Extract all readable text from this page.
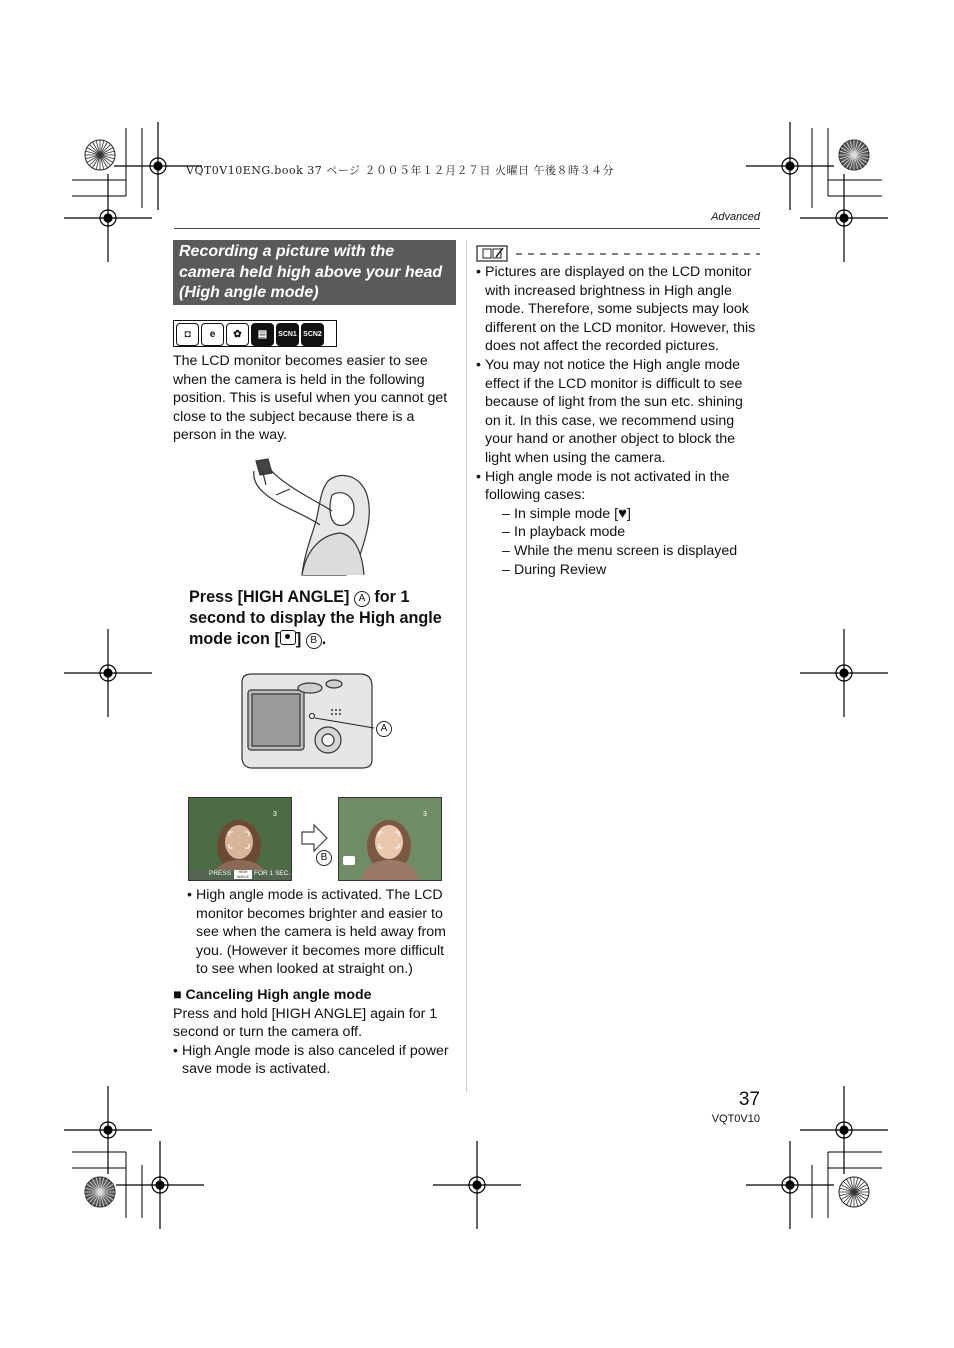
VQT0V10ENG.book 37 ページ ２００５年１２月２７日 火曜日 午後８時３４分
Advanced
Recording a picture with the
camera held high above your head
(High angle mode)
◘	e	✿	▤	SCN1 SCN2
The LCD monitor becomes easier to see when the camera is held in the following position. This is useful when you cannot get close to the subject because there is a person in the way.
Press [HIGH ANGLE] A for 1 second to display the High angle mode icon [ ] B .
A
3
PRESS	HIGH ANGLE FOR 1 SEC.
3
B
• High angle mode is activated. The LCD monitor becomes brighter and easier to see when the camera is held away from you. (However it becomes more difficult to see when looked at straight on.)

■ Canceling High angle mode

Press and hold [HIGH ANGLE] again for 1 second or turn the camera off.

• High Angle mode is also canceled if power save mode is activated.
• Pictures are displayed on the LCD monitor with increased brightness in High angle mode. Therefore, some subjects may look different on the LCD monitor. However, this does not affect the recorded pictures.
• You may not notice the High angle mode effect if the LCD monitor is difficult to see because of light from the sun etc. shining on it. In this case, we recommend using your hand or another object to block the light when using the camera.
• High angle mode is not activated in the following cases:
– In simple mode [♥]
– In playback mode
– While the menu screen is displayed
– During Review
37
VQT0V10
